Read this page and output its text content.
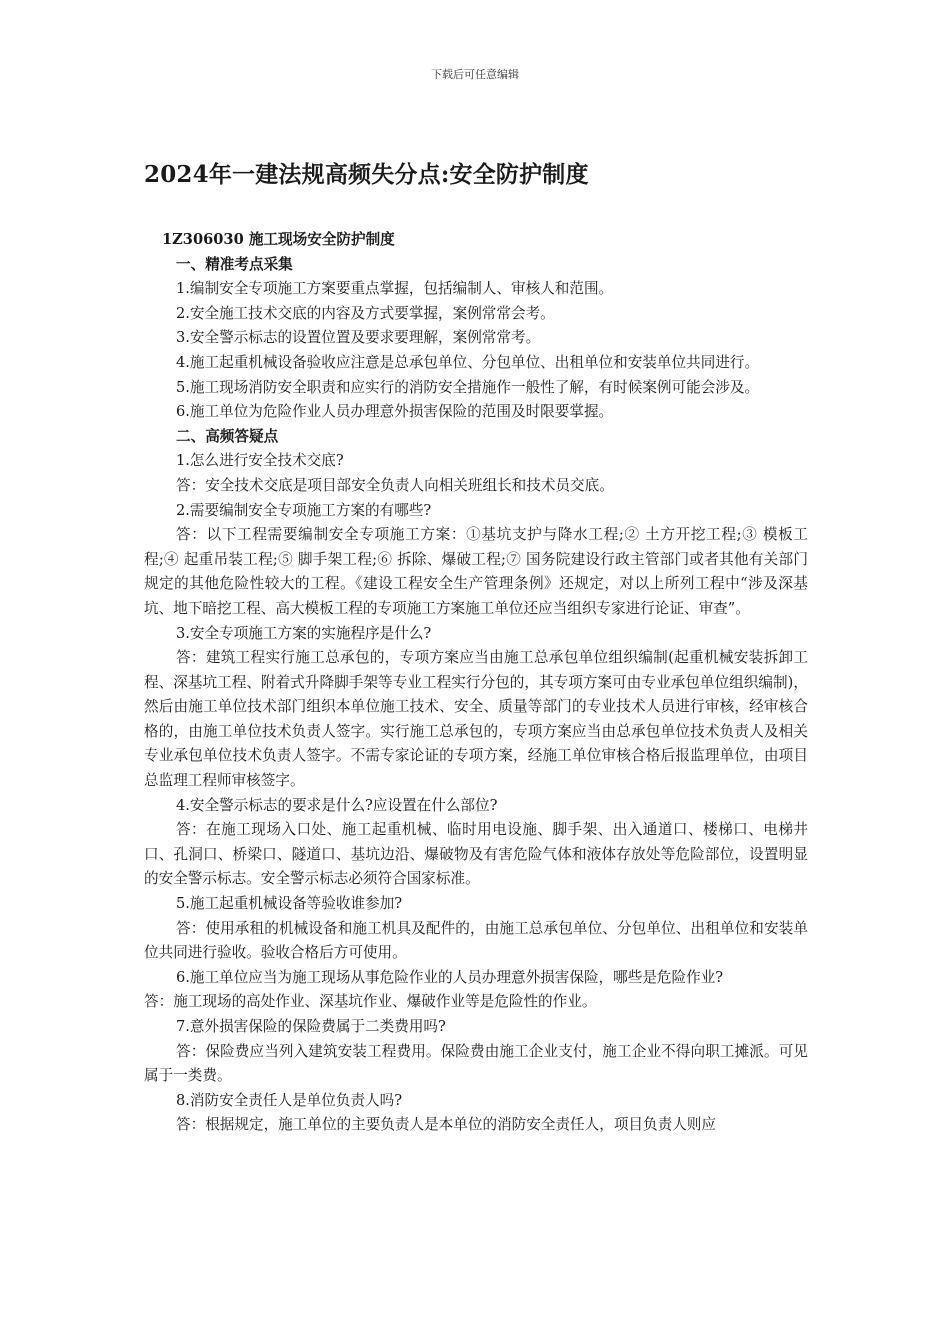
下载后可任意编辑
2024年一建法规高频失分点:安全防护制度

1Z306030 施工现场安全防护制度

一、精准考点采集

1.编制安全专项施工方案要重点掌握，包括编制人、审核人和范围。

2.安全施工技术交底的内容及方式要掌握，案例常常会考。

3.安全警示标志的设置位置及要求要理解，案例常常考。

4.施工起重机械设备验收应注意是总承包单位、分包单位、出租单位和安装单位共同进行。

5.施工现场消防安全职责和应实行的消防安全措施作一般性了解，有时候案例可能会涉及。

6.施工单位为危险作业人员办理意外损害保险的范围及时限要掌握。

二、高频答疑点

1.怎么进行安全技术交底?

答：安全技术交底是项目部安全负责人向相关班组长和技术员交底。

2.需要编制安全专项施工方案的有哪些?

答：以下工程需要编制安全专项施工方案：①基坑支护与降水工程;② 土方开挖工程;③ 模板工程;④ 起重吊装工程;⑤ 脚手架工程;⑥ 拆除、爆破工程;⑦ 国务院建设行政主管部门或者其他有关部门规定的其他危险性较大的工程。《建设工程安全生产管理条例》还规定，对以上所列工程中“涉及深基坑、地下暗挖工程、高大模板工程的专项施工方案施工单位还应当组织专家进行论证、审查”。

3.安全专项施工方案的实施程序是什么?

答：建筑工程实行施工总承包的，专项方案应当由施工总承包单位组织编制(起重机械安装拆卸工程、深基坑工程、附着式升降脚手架等专业工程实行分包的，其专项方案可由专业承包单位组织编制)，然后由施工单位技术部门组织本单位施工技术、安全、质量等部门的专业技术人员进行审核，经审核合格的，由施工单位技术负责人签字。实行施工总承包的，专项方案应当由总承包单位技术负责人及相关专业承包单位技术负责人签字。不需专家论证的专项方案，经施工单位审核合格后报监理单位，由项目总监理工程师审核签字。

4.安全警示标志的要求是什么?应设置在什么部位?

答：在施工现场入口处、施工起重机械、临时用电设施、脚手架、出入通道口、楼梯口、电梯井口、孔洞口、桥梁口、隧道口、基坑边沿、爆破物及有害危险气体和液体存放处等危险部位，设置明显的安全警示标志。安全警示标志必须符合国家标准。

5.施工起重机械设备等验收谁参加?

答：使用承租的机械设备和施工机具及配件的，由施工总承包单位、分包单位、出租单位和安装单位共同进行验收。验收合格后方可使用。

6.施工单位应当为施工现场从事危险作业的人员办理意外损害保险，哪些是危险作业?

答：施工现场的高处作业、深基坑作业、爆破作业等是危险性的作业。

7.意外损害保险的保险费属于二类费用吗?

答：保险费应当列入建筑安装工程费用。保险费由施工企业支付，施工企业不得向职工摊派。可见属于一类费。

8.消防安全责任人是单位负责人吗?

答：根据规定，施工单位的主要负责人是本单位的消防安全责任人，项目负责人则应
